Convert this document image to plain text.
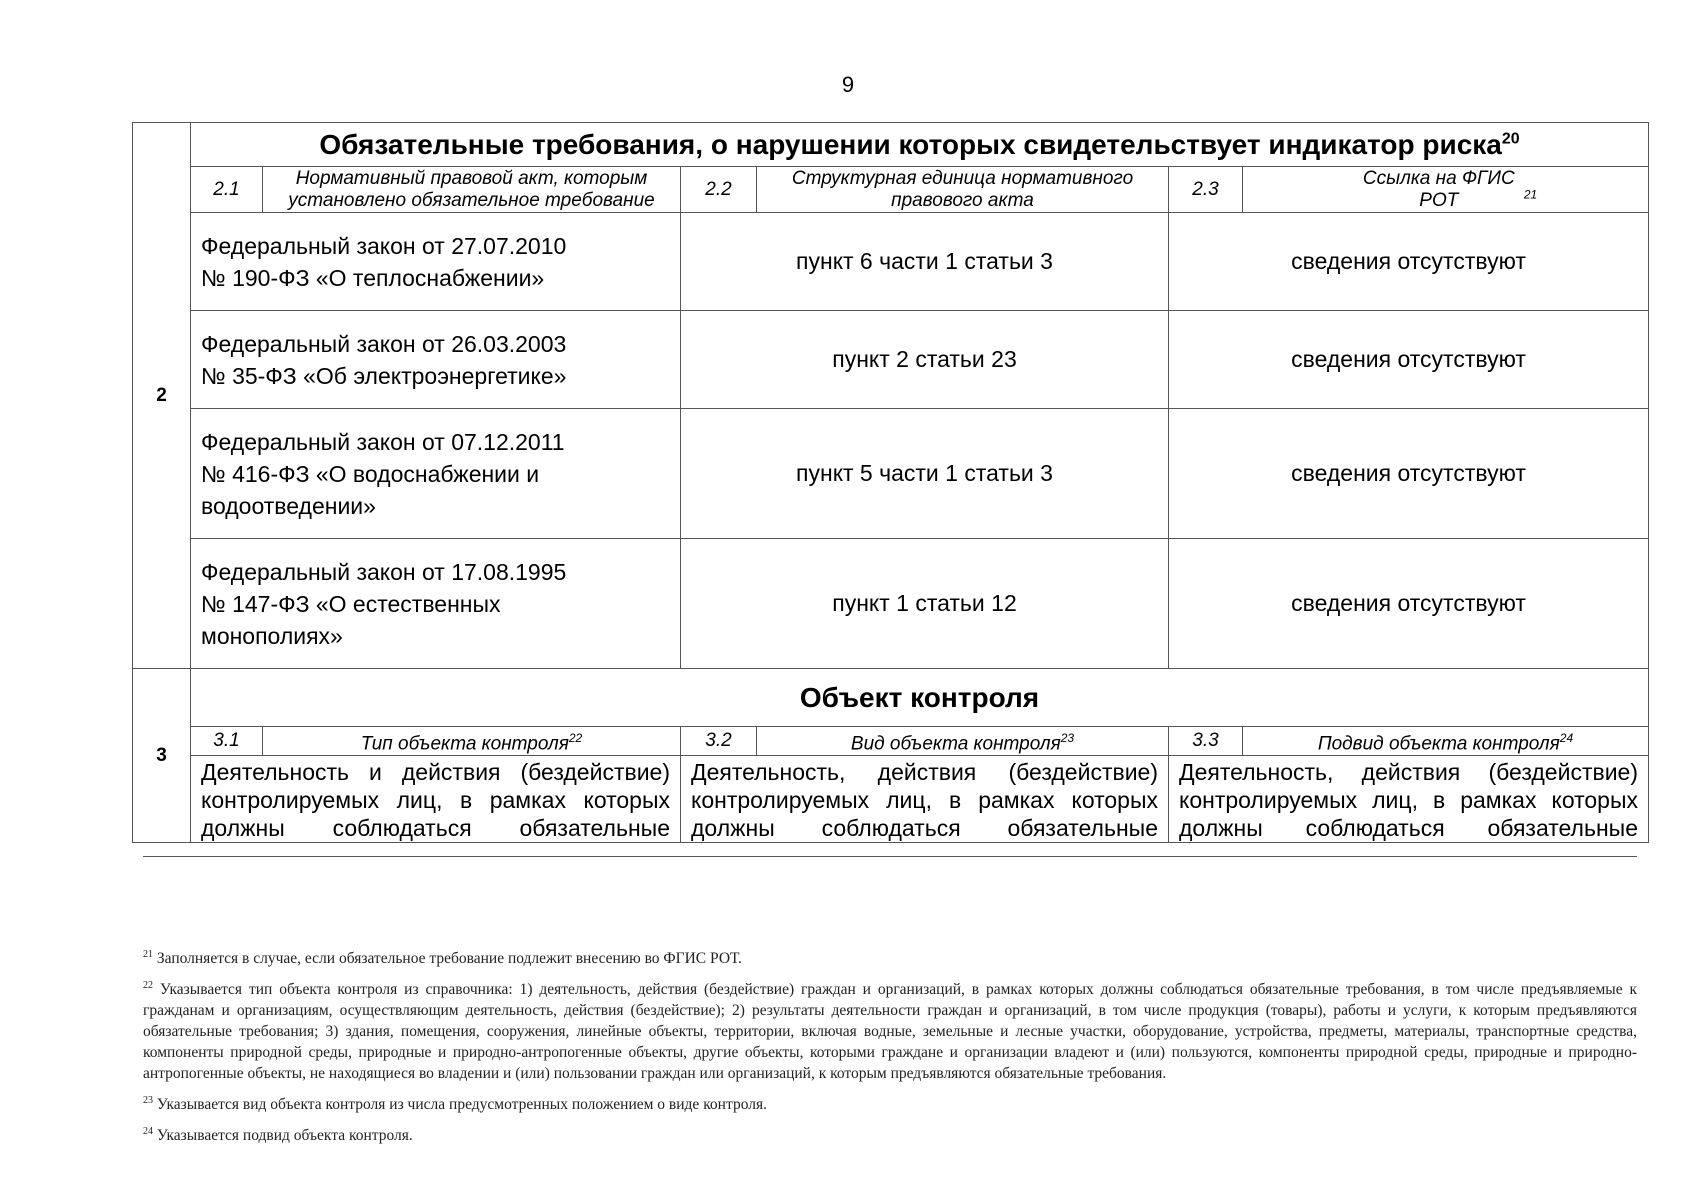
9
2	Обязательные требования, о нарушении которых свидетельствует индикатор риска$^{20}$
	2.1	Нормативный правовой акт, которым установлено обязательное требование	2.2	Структурная единица нормативного правового акта	2.3	Ссылка на ФГИС РОТ $^{21}$

	Федеральный закон от 27.07.2010
№ 190-ФЗ «О теплоснабжении»		пункт 6 части 1 статьи 3		сведения отсутствуют	

	Федеральный закон от 26.03.2003
№ 35-ФЗ «Об электроэнергетике»		пункт 2 статьи 23		сведения отсутствуют	

	Федеральный закон от 07.12.2011
№ 416-ФЗ «О водоснабжении и
водоотведении»		пункт 5 части 1 статьи 3		сведения отсутствуют	

	Федеральный закон от 17.08.1995
№ 147-ФЗ «О естественных
монополиях»		пункт 1 статьи 12		сведения отсутствуют	

3	Объект контроля					
	3.1	Тип объекта контроля$^{22}$	3.2	Вид объекта контроля$^{23}$	3.3	Подвид объекта контроля$^{24}$

	Деятельность и действия (бездействие) контролируемых лиц, в рамках которых должны соблюдаться обязательные		Деятельность, действия (бездействие) контролируемых лиц, в рамках которых должны соблюдаться обязательные		Деятельность, действия (бездействие) контролируемых лиц, в рамках которых должны соблюдаться обязательные	

$^{21}$ Заполняется в случае, если обязательное требование подлежит внесению во ФГИС РОТ.

$^{22}$ Указывается тип объекта контроля из справочника: 1) деятельность, действия (бездействие) граждан и организаций, в рамках которых должны соблюдаться обязательные требования, в том числе предъявляемые к гражданам и организациям, осуществляющим деятельность, действия (бездействие); 2) результаты деятельности граждан и организаций, в том числе продукция (товары), работы и услуги, к которым предъявляются обязательные требования; 3) здания, помещения, сооружения, линейные объекты, территории, включая водные, земельные и лесные участки, оборудование, устройства, предметы, материалы, транспортные средства, компоненты природной среды, природные и природно-антропогенные объекты, другие объекты, которыми граждане и организации владеют и (или) пользуются, компоненты природной среды, природные и природно-антропогенные объекты, не находящиеся во владении и (или) пользовании граждан или организаций, к которым предъявляются обязательные требования.

$^{23}$ Указывается вид объекта контроля из числа предусмотренных положением о виде контроля.

$^{24}$ Указывается подвид объекта контроля.
